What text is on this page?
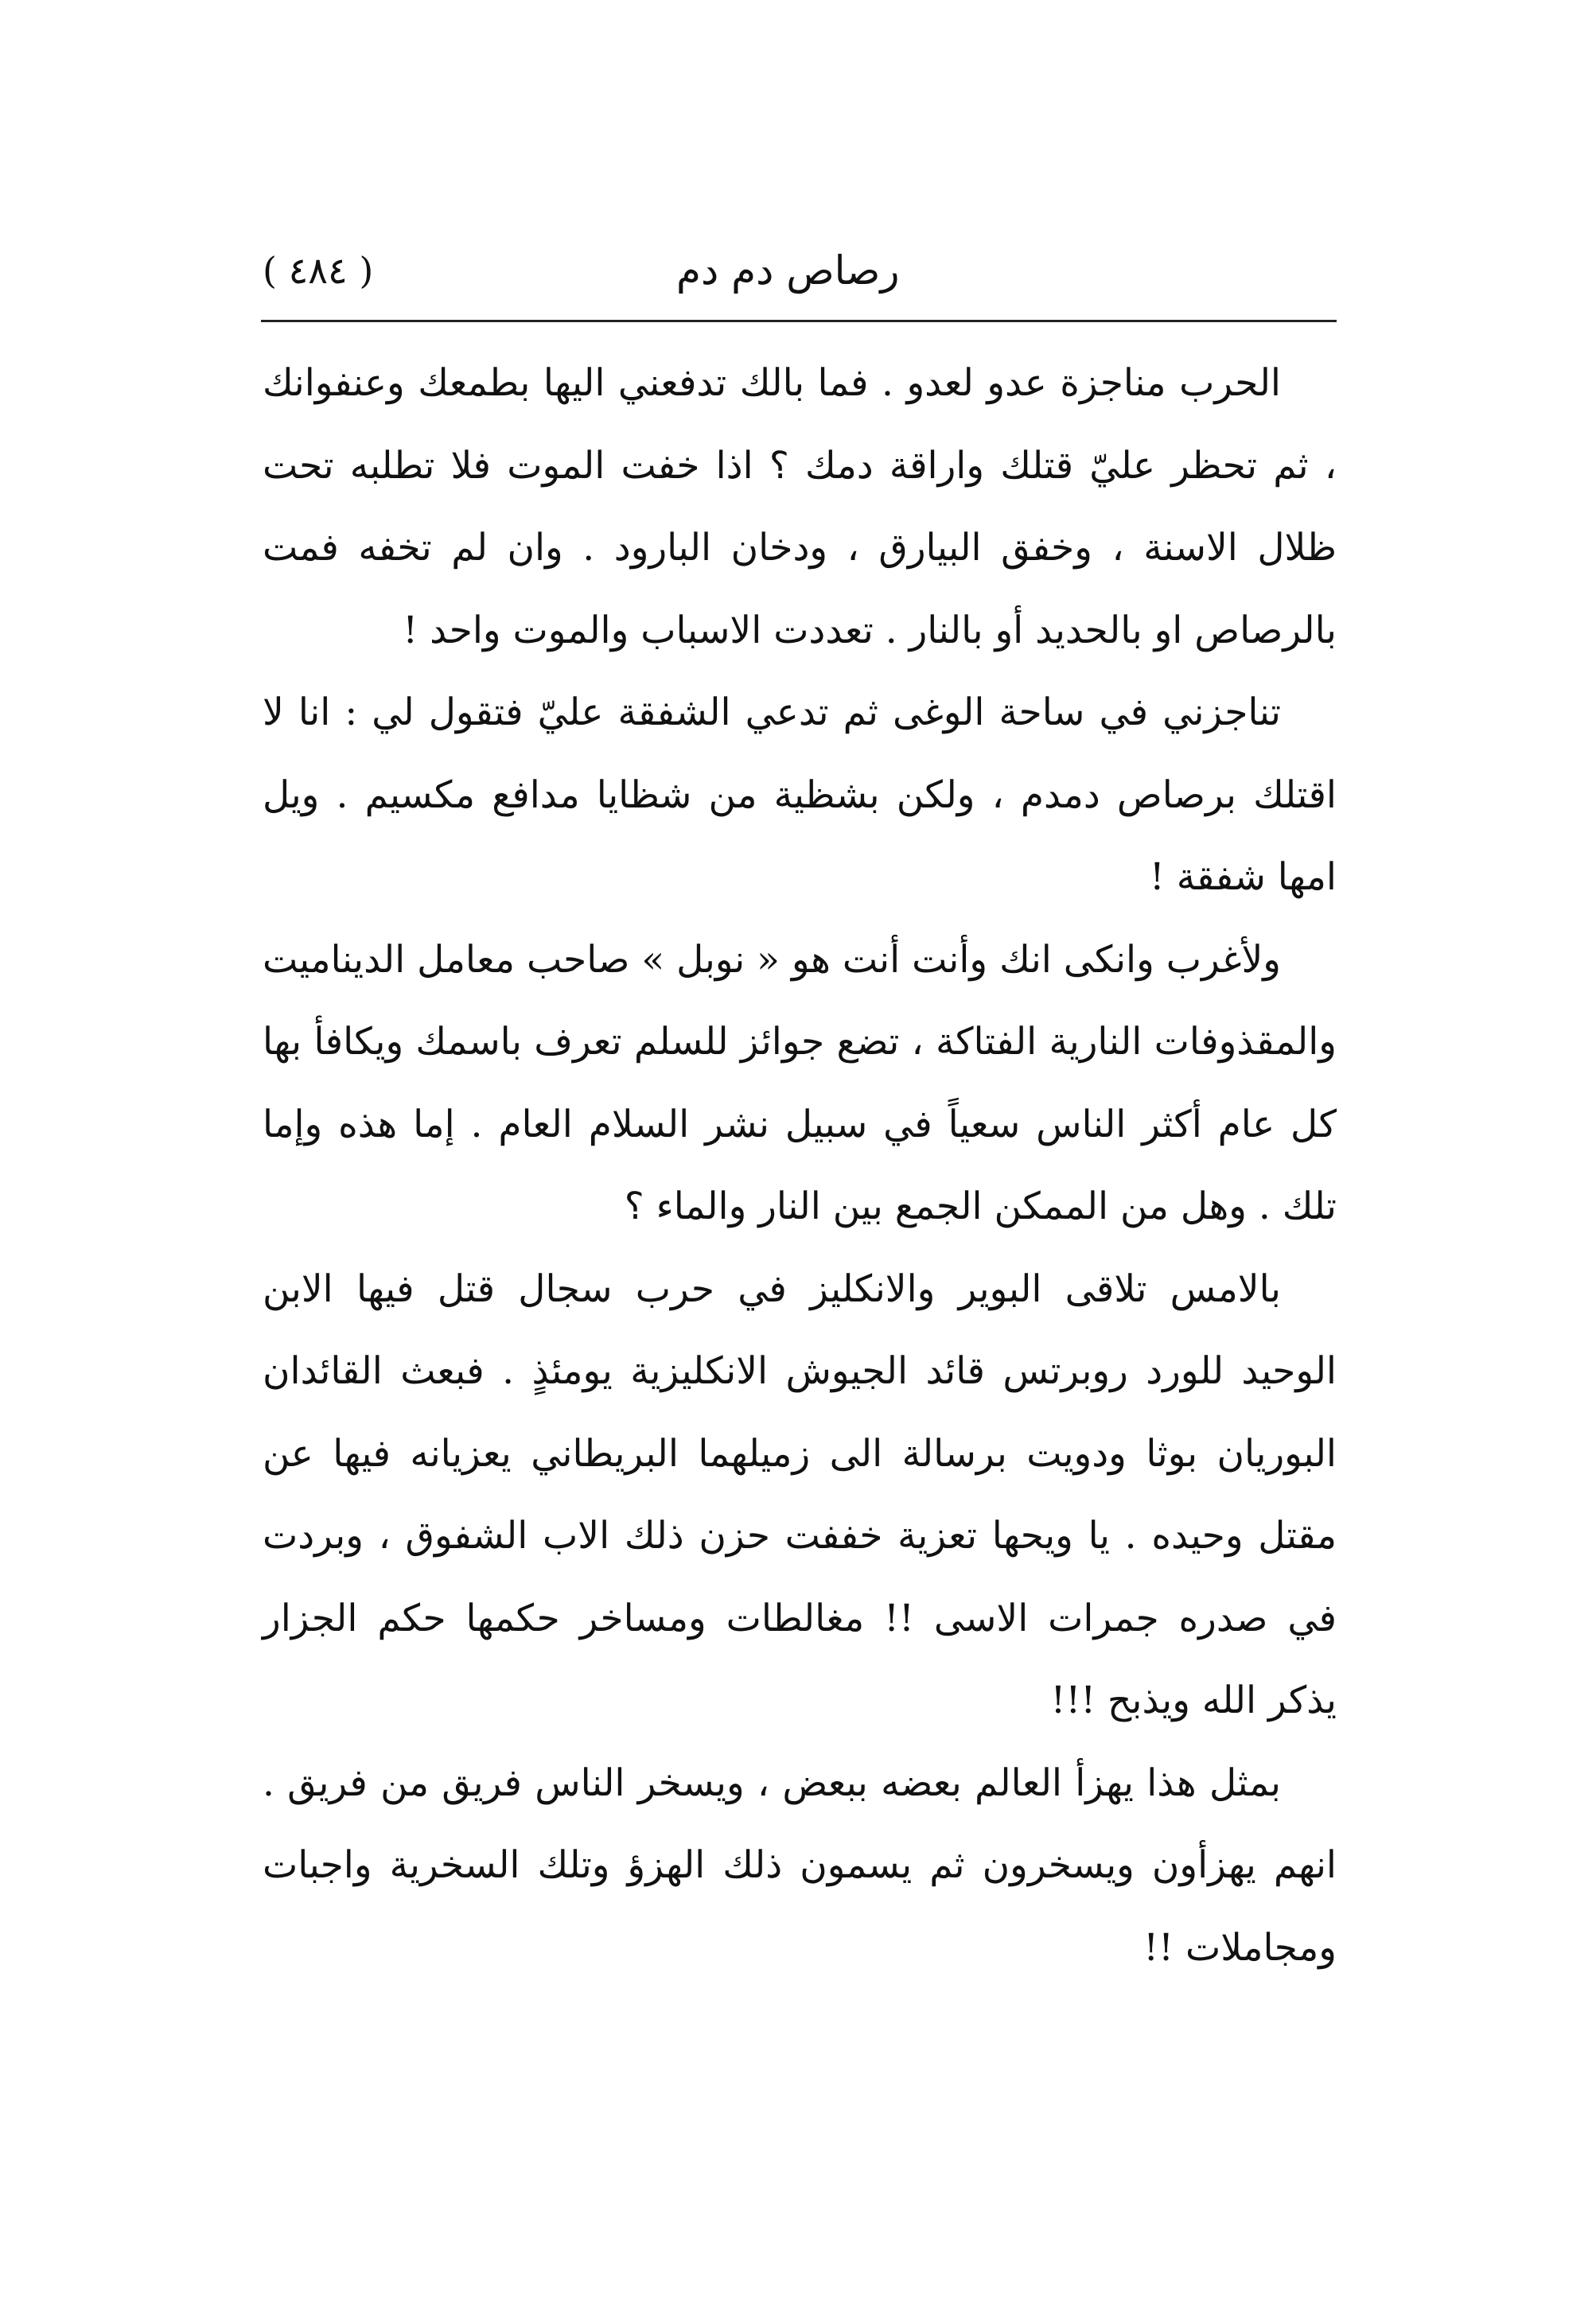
( ٤٨٤ )	رصاص دم دم

الحرب مناجزة عدو لعدو . فما بالك تدفعني اليها بطمعك وعنفوانك ، ثم تحظر عليّ قتلك واراقة دمك ؟ اذا خفت الموت فلا تطلبه تحت ظلال الاسنة ، وخفق البيارق ، ودخان البارود . وان لم تخفه فمت بالرصاص او بالحديد أو بالنار . تعددت الاسباب والموت واحد !

تناجزني في ساحة الوغى ثم تدعي الشفقة عليّ فتقول لي : انا لا اقتلك برصاص دمدم ، ولكن بشظية من شظايا مدافع مكسيم . ويل امها شفقة !

ولأغرب وانكى انك وأنت أنت هو « نوبل » صاحب معامل الديناميت والمقذوفات النارية الفتاكة ، تضع جوائز للسلم تعرف باسمك ويكافأ بها كل عام أكثر الناس سعياً في سبيل نشر السلام العام . إما هذه وإما تلك . وهل من الممكن الجمع بين النار والماء ؟

بالامس تلاقى البوير والانكليز في حرب سجال قتل فيها الابن الوحيد للورد روبرتس قائد الجيوش الانكليزية يومئذٍ . فبعث القائدان البوريان بوثا ودويت برسالة الى زميلهما البريطاني يعزيانه فيها عن مقتل وحيده . يا ويحها تعزية خففت حزن ذلك الاب الشفوق ، وبردت في صدره جمرات الاسى !! مغالطات ومساخر حكمها حكم الجزار يذكر الله ويذبح !!!

بمثل هذا يهزأ العالم بعضه ببعض ، ويسخر الناس فريق من فريق . انهم يهزأون ويسخرون ثم يسمون ذلك الهزؤ وتلك السخرية واجبات ومجاملات !!
